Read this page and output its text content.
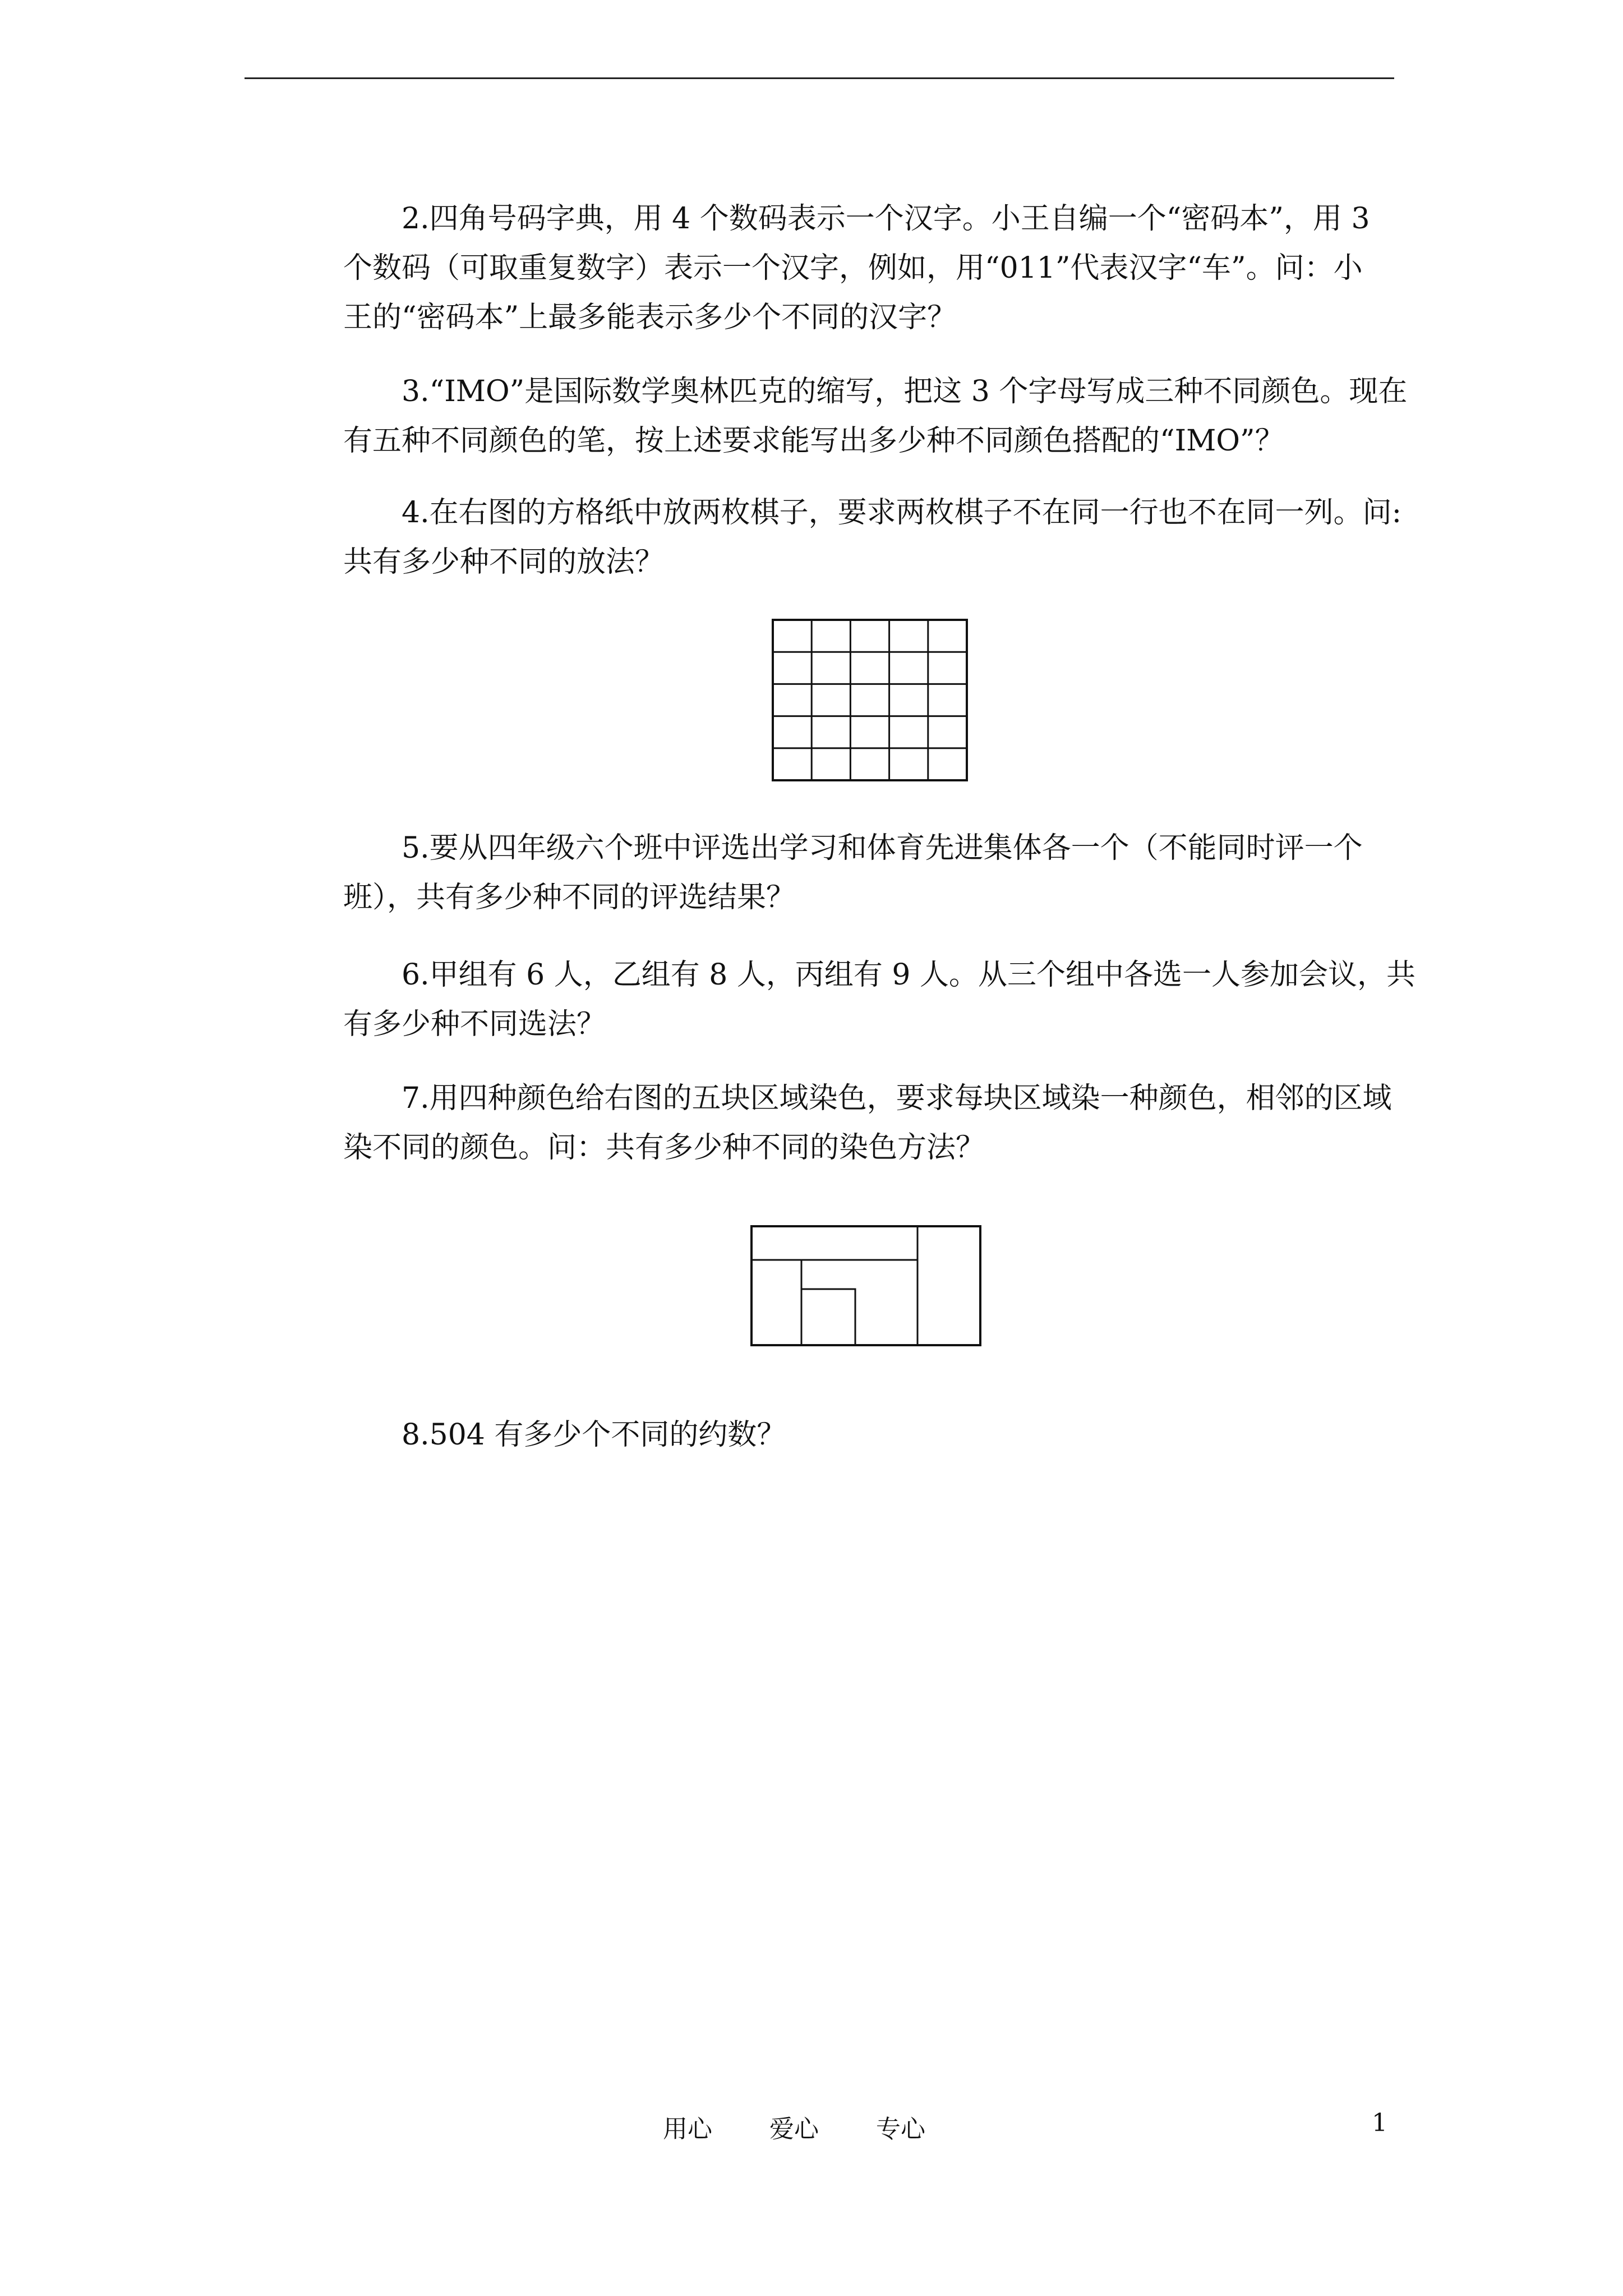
2.四角号码字典，用 4 个数码表示一个汉字。小王自编一个“密码本”，用 3
个数码（可取重复数字）表示一个汉字，例如，用“011”代表汉字“车”。问：小
王的“密码本”上最多能表示多少个不同的汉字？
3.“IMO”是国际数学奥林匹克的缩写，把这 3 个字母写成三种不同颜色。现在
有五种不同颜色的笔，按上述要求能写出多少种不同颜色搭配的“IMO”？
4.在右图的方格纸中放两枚棋子，要求两枚棋子不在同一行也不在同一列。问:
共有多少种不同的放法？
5.要从四年级六个班中评选出学习和体育先进集体各一个（不能同时评一个
班），共有多少种不同的评选结果？
6.甲组有 6 人，乙组有 8 人，丙组有 9 人。从三个组中各选一人参加会议，共
有多少种不同选法？
7.用四种颜色给右图的五块区域染色，要求每块区域染一种颜色，相邻的区域
染不同的颜色。问：共有多少种不同的染色方法？
8.504 有多少个不同的约数？
用心 爱心 专心	1
